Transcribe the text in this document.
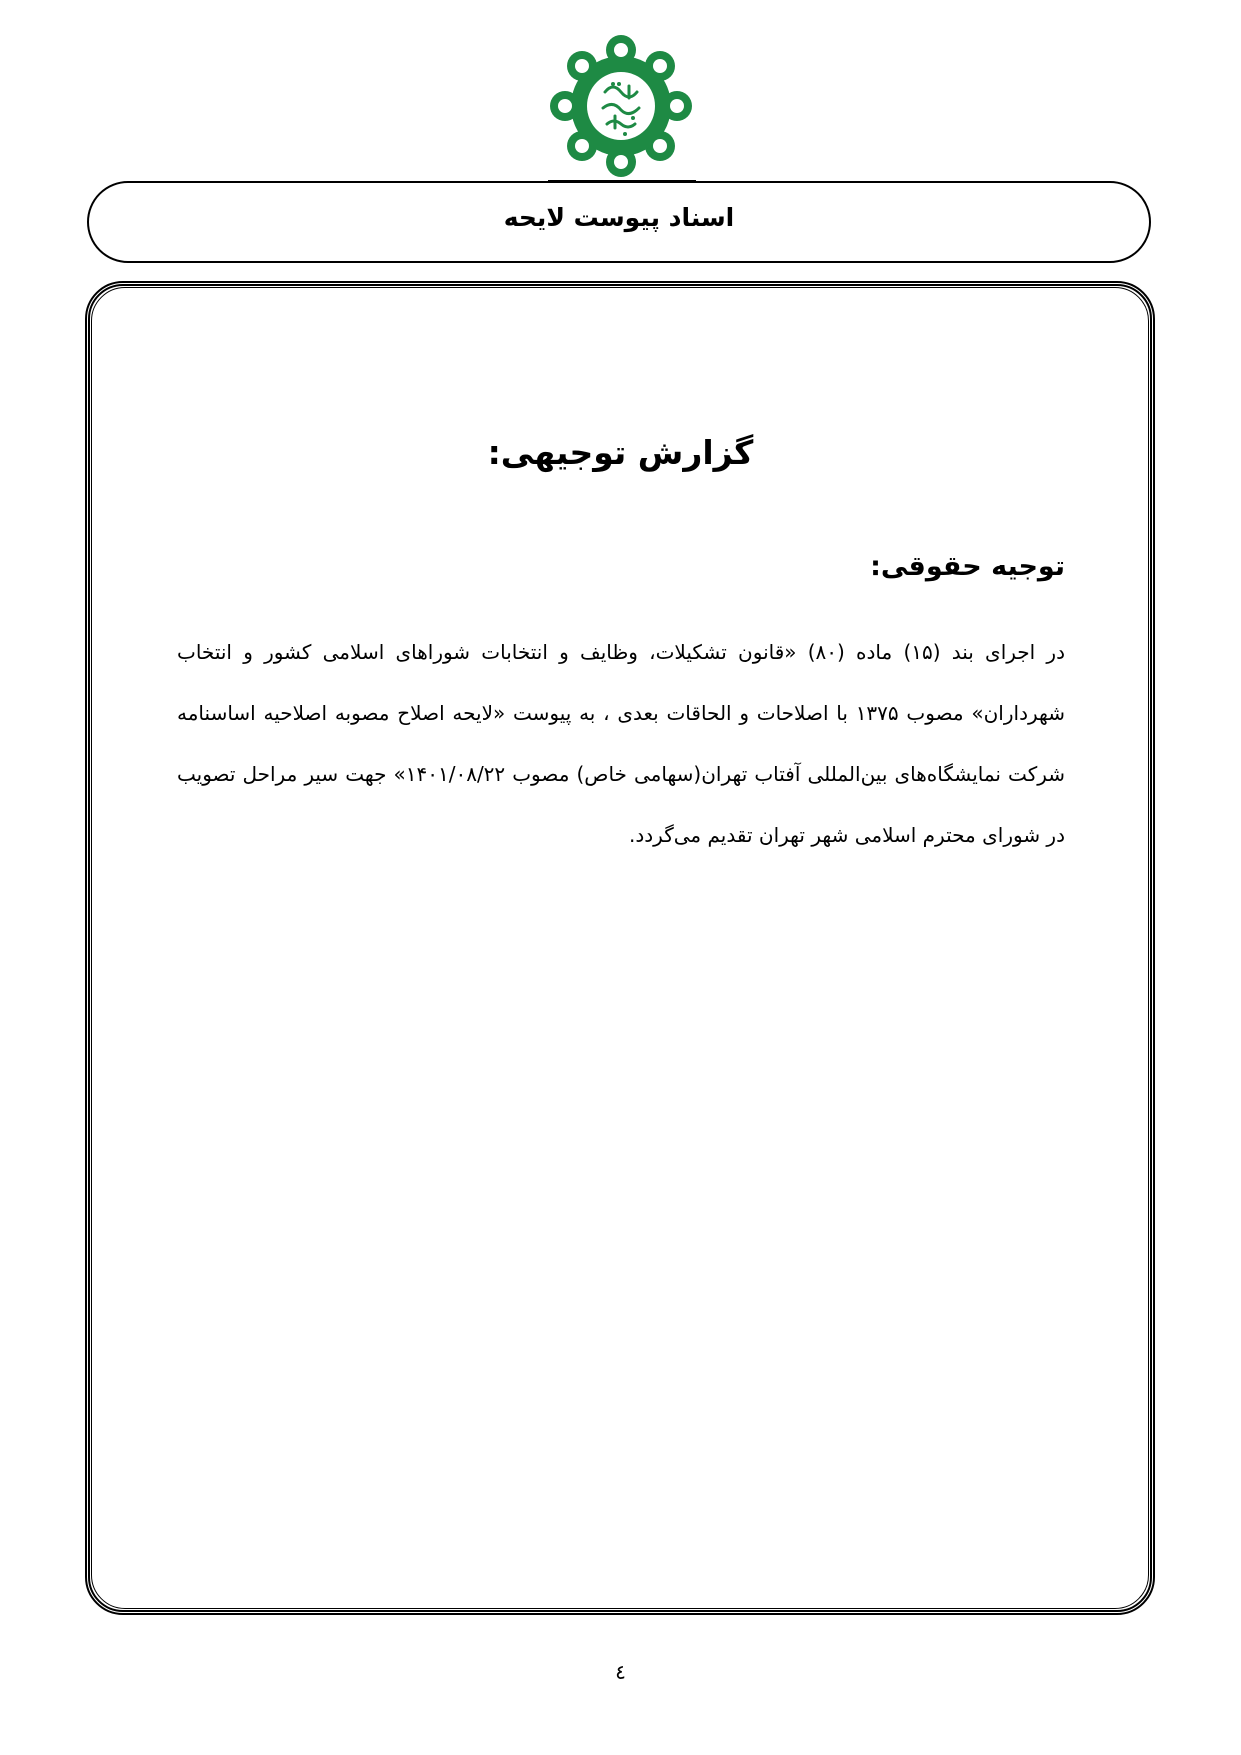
اسناد پیوست لایحه
گزارش توجیهی:
توجیه حقوقی:
در اجرای بند (۱۵) ماده (۸۰) «قانون تشکیلات، وظایف و انتخابات شوراهای اسلامی کشور و انتخاب شهرداران» مصوب ۱۳۷۵ با اصلاحات و الحاقات بعدی ، به پیوست «لایحه اصلاح مصوبه اصلاحیه اساسنامه شرکت نمایشگاه‌های بین‌المللی آفتاب تهران(سهامی خاص) مصوب ۱۴۰۱/۰۸/۲۲» جهت سیر مراحل تصویب در شورای محترم اسلامی شهر تهران تقدیم می‌گردد.
٤
